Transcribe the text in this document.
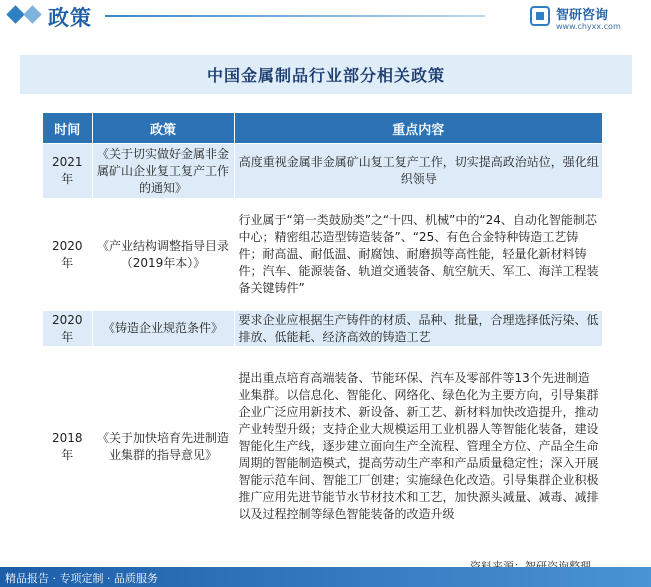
政策	智研咨询
www.chyxx.com
中国金属制品行业部分相关政策
时间	政策	重点内容
2021年	《关于切实做好金属非金属矿山企业复工复产工作的通知》	高度重视金属非金属矿山复工复产工作，切实提高政治站位，强化组织领导
2020年	《产业结构调整指导目录（2019年本）》	行业属于“第一类鼓励类”之“十四、机械”中的“24、自动化智能制芯中心；精密组芯造型铸造装备”、“25、有色合金特种铸造工艺铸件；耐高温、耐低温、耐腐蚀、耐磨损等高性能，轻量化新材料铸件；汽车、能源装备、轨道交通装备、航空航天、军工、海洋工程装备关键铸件”
2020年	《铸造企业规范条件》	要求企业应根据生产铸件的材质、品种、批量，合理选择低污染、低排放、低能耗、经济高效的铸造工艺
2018年	《关于加快培育先进制造业集群的指导意见》	提出重点培育高端装备、节能环保、汽车及零部件等13个先进制造业集群。以信息化、智能化、网络化、绿色化为主要方向，引导集群企业广泛应用新技术、新设备、新工艺、新材料加快改造提升，推动产业转型升级；支持企业大规模运用工业机器人等智能化装备，建设智能化生产线，逐步建立面向生产全流程、管理全方位、产品全生命周期的智能制造模式，提高劳动生产率和产品质量稳定性；深入开展智能示范车间、智能工厂创建；实施绿色化改造。引导集群企业积极推广应用先进节能节水节材技术和工艺，加快源头减量、减毒、减排以及过程控制等绿色智能装备的改造升级
精品报告 · 专项定制 · 品质服务
